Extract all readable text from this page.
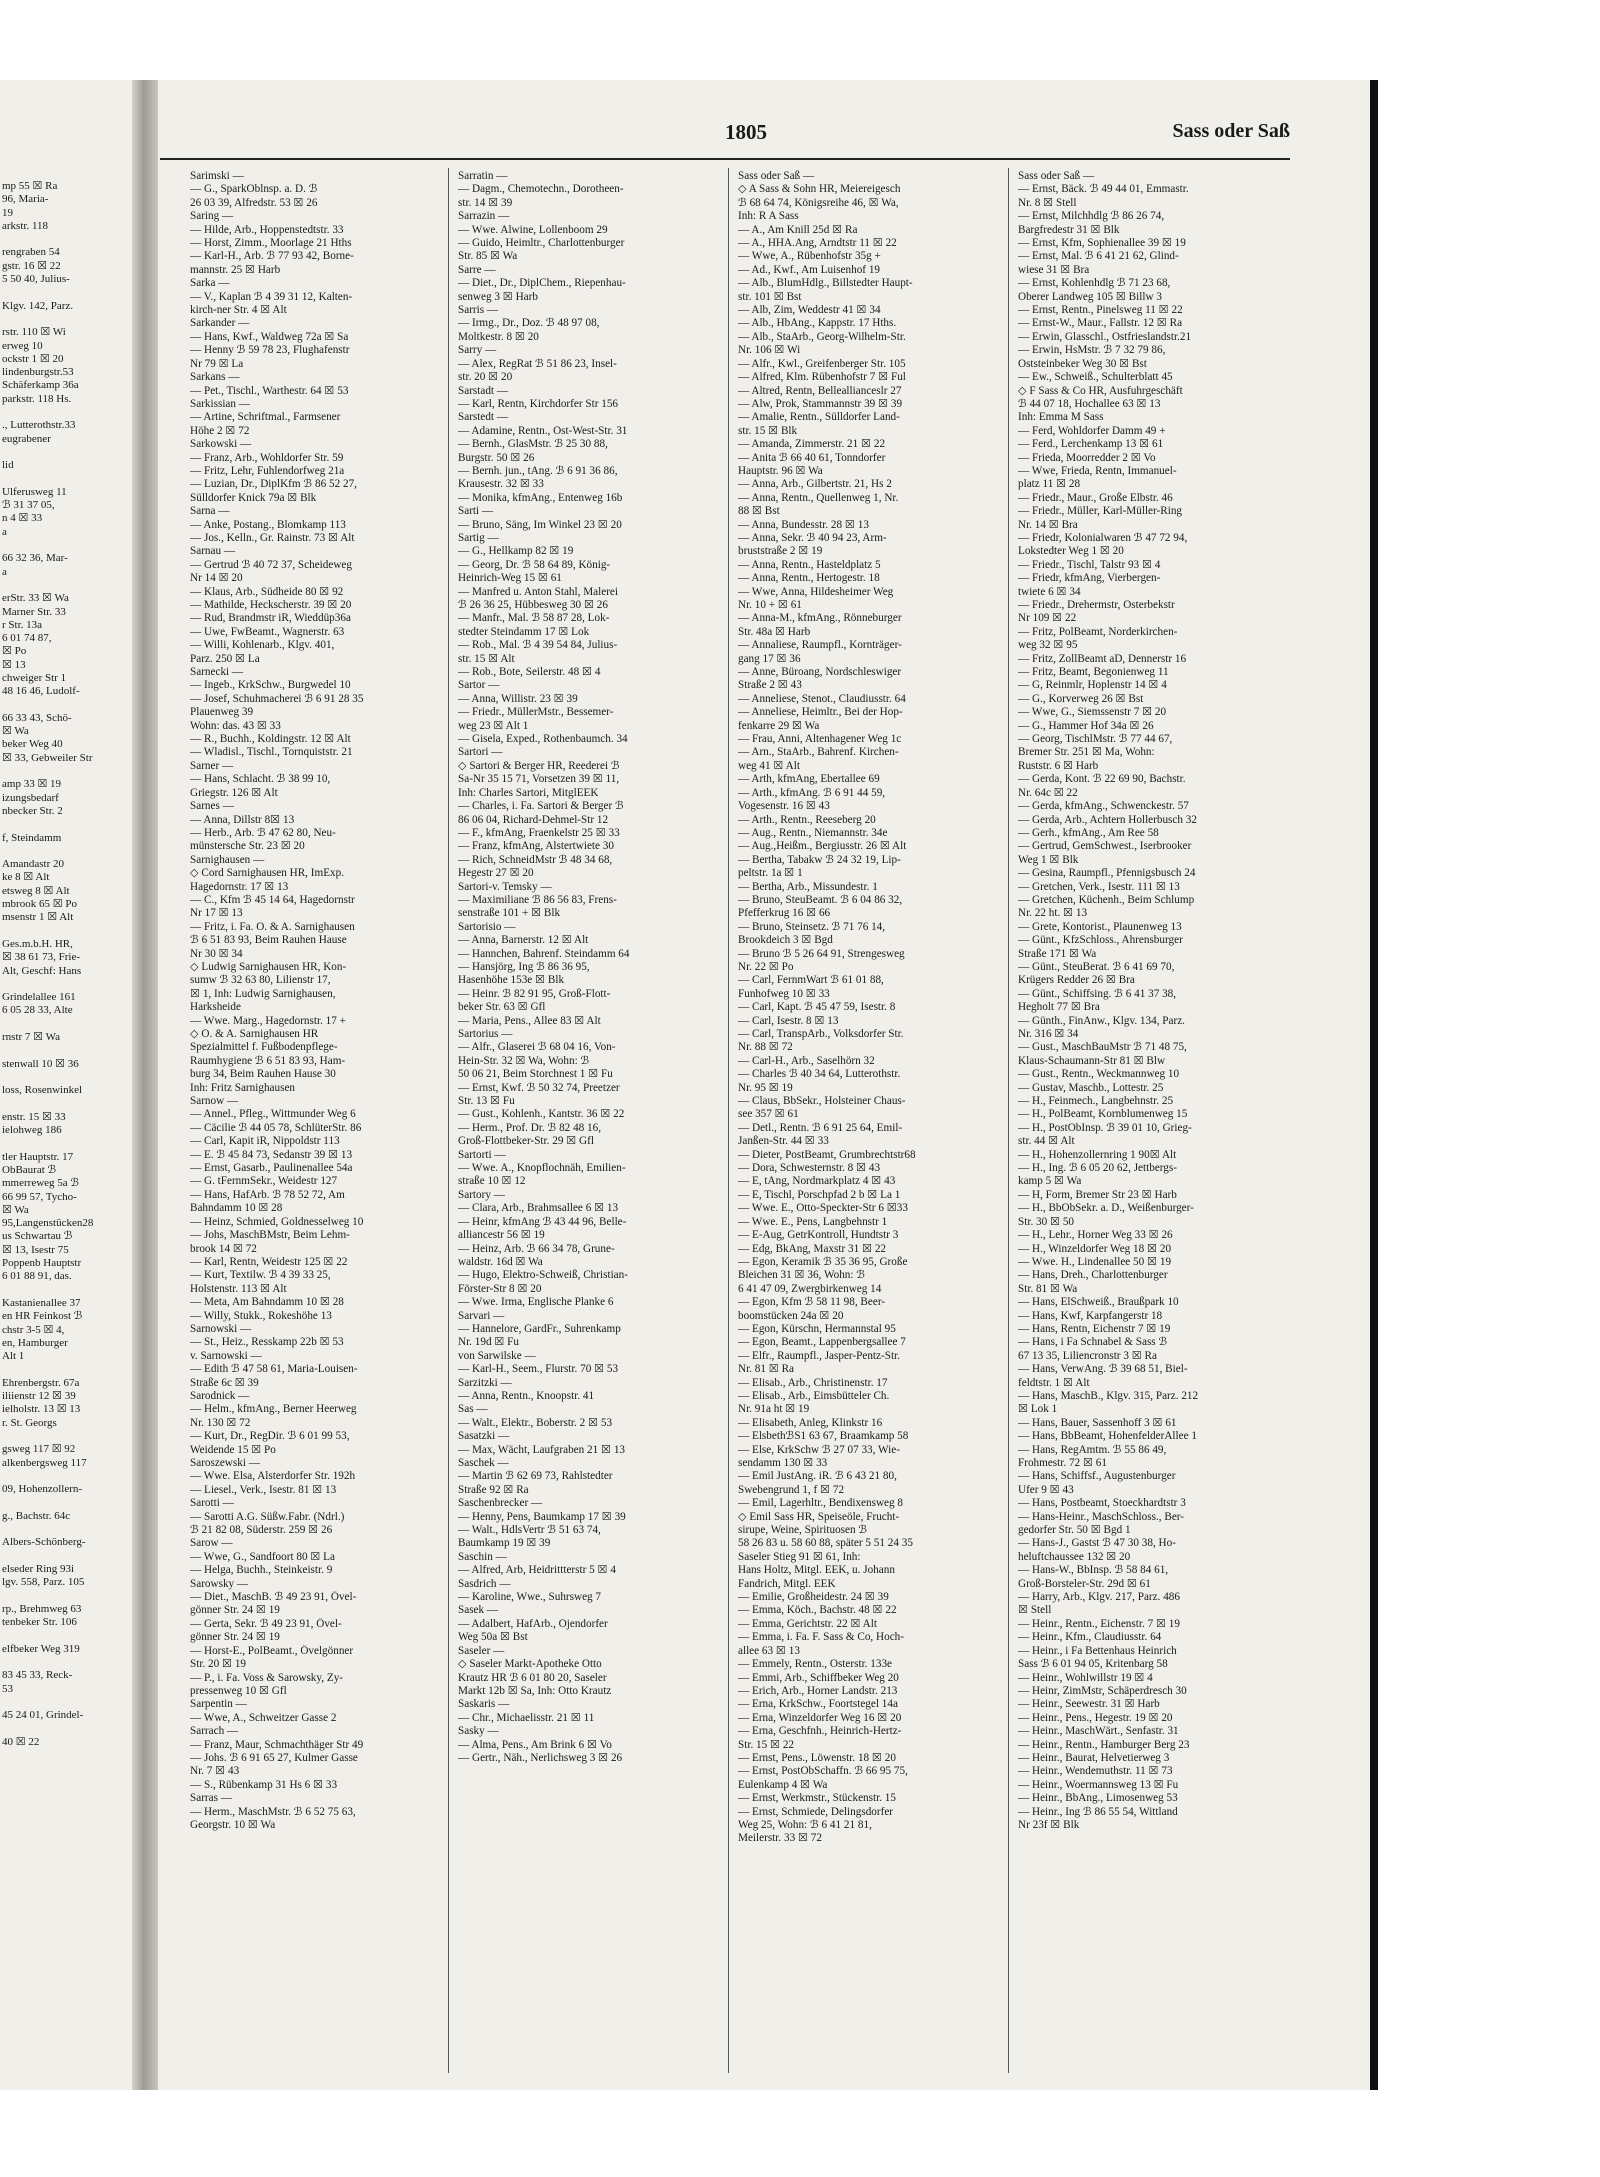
mp 55 ☒ Ra
96, Maria-
19
arkstr. 118

rengraben 54
gstr. 16 ☒ 22
5 50 40, Julius-

Klgv. 142, Parz.

rstr. 110 ☒ Wi
erweg 10
ockstr 1 ☒ 20
lindenburgstr.53
Schäferkamp 36a
parkstr. 118 Hs.

., Lutterothstr.33
eugrabener

lid

Ulferusweg 11
ℬ 31 37 05,
n 4 ☒ 33
a

66 32 36, Mar-
a

erStr. 33 ☒ Wa
Marner Str. 33
r Str. 13a
6 01 74 87,
☒ Po
☒ 13
chweiger Str 1
48 16 46, Ludolf-

66 33 43, Schö-
☒ Wa
beker Weg 40
☒ 33, Gebweiler Str

amp 33 ☒ 19
izungsbedarf
nbecker Str. 2

f, Steindamm

Amandastr 20
ke 8 ☒ Alt
etsweg 8 ☒ Alt
mbrook 65 ☒ Po
msenstr 1 ☒ Alt

Ges.m.b.H. HR,
☒ 38 61 73, Frie-
Alt, Geschf: Hans

Grindelallee 161
6 05 28 33, Alte

rnstr 7 ☒ Wa

stenwall 10 ☒ 36

loss, Rosenwinkel

enstr. 15 ☒ 33
ielohweg 186

tler Hauptstr. 17
ObBaurat ℬ
mmerreweg 5a ℬ
66 99 57, Tycho-
☒ Wa
95,Langenstücken28
us Schwartau ℬ
☒ 13, Isestr 75
Poppenb Hauptstr
6 01 88 91, das.

Kastanienallee 37
en HR Feinkost ℬ
chstr 3-5 ☒ 4,
en, Hamburger
Alt 1

Ehrenbergstr. 67a
iliienstr 12 ☒ 39
ielholstr. 13 ☒ 13
r. St. Georgs

gsweg 117 ☒ 92
alkenbergsweg 117

09, Hohenzollern-

g., Bachstr. 64c

Albers-Schönberg-

elseder Ring 93i
lgv. 558, Parz. 105

rp., Brehmweg 63
tenbeker Str. 106

elfbeker Weg 319

83 45 33, Reck-
53

45 24 01, Grindel-

40 ☒ 22
1805	Sass oder Saß
Sarimski —
— G., SparkOblnsp. a. D. ℬ
26 03 39, Alfredstr. 53 ☒ 26
Saring —
— Hilde, Arb., Hoppenstedtstr. 33
— Horst, Zimm., Moorlage 21 Hths
— Karl-H., Arb. ℬ 77 93 42, Borne-
mannstr. 25 ☒ Harb
Sarka —
— V., Kaplan ℬ 4 39 31 12, Kalten-
kirch-ner Str. 4 ☒ Alt
Sarkander —
— Hans, Kwf., Waldweg 72a ☒ Sa
— Henny ℬ 59 78 23, Flughafenstr
Nr 79 ☒ La
Sarkans —
— Pet., Tischl., Warthestr. 64 ☒ 53
Sarkissian —
— Artine, Schriftmal., Farmsener
Höhe 2 ☒ 72
Sarkowski —
— Franz, Arb., Wohldorfer Str. 59
— Fritz, Lehr, Fuhlendorfweg 21a
— Luzian, Dr., DiplKfm ℬ 86 52 27,
Sülldorfer Knick 79a ☒ Blk
Sarna —
— Anke, Postang., Blomkamp 113
— Jos., Kelln., Gr. Rainstr. 73 ☒ Alt
Sarnau —
— Gertrud ℬ 40 72 37, Scheideweg
Nr 14 ☒ 20
— Klaus, Arb., Südheide 80 ☒ 92
— Mathilde, Heckscherstr. 39 ☒ 20
— Rud, Brandmstr iR, Wieddüp36a
— Uwe, FwBeamt., Wagnerstr. 63
— Willi, Kohlenarb., Klgv. 401,
Parz. 250 ☒ La
Sarnecki —
— Ingeb., KrkSchw., Burgwedel 10
— Josef, Schuhmacherei ℬ 6 91 28 35
Plauenweg 39
Wohn: das. 43 ☒ 33
— R., Buchh., Koldingstr. 12 ☒ Alt
— Wladisl., Tischl., Tornquiststr. 21
Sarner —
— Hans, Schlacht. ℬ 38 99 10,
Griegstr. 126 ☒ Alt
Sarnes —
— Anna, Dillstr 8☒ 13
— Herb., Arb. ℬ 47 62 80, Neu-
münstersche Str. 23 ☒ 20
Sarnighausen —
◇ Cord Sarnighausen HR, ImExp.
Hagedornstr. 17 ☒ 13
— C., Kfm ℬ 45 14 64, Hagedornstr
Nr 17 ☒ 13
— Fritz, i. Fa. O. & A. Sarnighausen
ℬ 6 51 83 93, Beim Rauhen Hause
Nr 30 ☒ 34
◇ Ludwig Sarnighausen HR, Kon-
sumw ℬ 32 63 80, Lilienstr 17,
☒ 1, Inh: Ludwig Sarnighausen,
Harksheide
— Wwe. Marg., Hagedornstr. 17 +
◇ O. & A. Sarnighausen HR
Spezialmittel f. Fußbodenpflege-
Raumhygiene ℬ 6 51 83 93, Ham-
burg 34, Beim Rauhen Hause 30
Inh: Fritz Sarnighausen
Sarnow —
— Annel., Pfleg., Wittmunder Weg 6
— Cäcilie ℬ 44 05 78, SchlüterStr. 86
— Carl, Kapit iR, Nippoldstr 113
— E. ℬ 45 84 73, Sedanstr 39 ☒ 13
— Ernst, Gasarb., Paulinenallee 54a
— G. tFernmSekr., Weidestr 127
— Hans, HafArb. ℬ 78 52 72, Am
Bahndamm 10 ☒ 28
— Heinz, Schmied, Goldnesselweg 10
— Johs, MaschBMstr, Beim Lehm-
brook 14 ☒ 72
— Karl, Rentn, Weidestr 125 ☒ 22
— Kurt, Textilw. ℬ 4 39 33 25,
Holstenstr. 113 ☒ Alt
— Meta, Am Bahndamm 10 ☒ 28
— Willy, Stukk., Rokeshöhe 13
Sarnowski —
— St., Heiz., Resskamp 22b ☒ 53
v. Sarnowski —
— Edith ℬ 47 58 61, Maria-Louisen-
Straße 6c ☒ 39
Sarodnick —
— Helm., kfmAng., Berner Heerweg
Nr. 130 ☒ 72
— Kurt, Dr., RegDir. ℬ 6 01 99 53,
Weidende 15 ☒ Po
Saroszewski —
— Wwe. Elsa, Alsterdorfer Str. 192h
— Liesel., Verk., Isestr. 81 ☒ 13
Sarotti —
— Sarotti A.G. Süßw.Fabr. (Ndrl.)
ℬ 21 82 08, Süderstr. 259 ☒ 26
Sarow —
— Wwe, G., Sandfoort 80 ☒ La
— Helga, Buchh., Steinkeistr. 9
Sarowsky —
— Diet., MaschB. ℬ 49 23 91, Övel-
gönner Str. 24 ☒ 19
— Gerta, Sekr. ℬ 49 23 91, Övel-
gönner Str. 24 ☒ 19
— Horst-E., PolBeamt., Övelgönner
Str. 20 ☒ 19
— P., i. Fa. Voss & Sarowsky, Zy-
pressenweg 10 ☒ Gfl
Sarpentin —
— Wwe, A., Schweitzer Gasse 2
Sarrach —
— Franz, Maur, Schmachthäger Str 49
— Johs. ℬ 6 91 65 27, Kulmer Gasse
Nr. 7 ☒ 43
— S., Rübenkamp 31 Hs 6 ☒ 33
Sarras —
— Herm., MaschMstr. ℬ 6 52 75 63,
Georgstr. 10 ☒ Wa
Sarratin —
— Dagm., Chemotechn., Dorotheen-
str. 14 ☒ 39
Sarrazin —
— Wwe. Alwine, Lollenboom 29
— Guido, Heimltr., Charlottenburger
Str. 85 ☒ Wa
Sarre —
— Diet., Dr., DiplChem., Riepenhau-
senweg 3 ☒ Harb
Sarris —
— Irmg., Dr., Doz. ℬ 48 97 08,
Moltkestr. 8 ☒ 20
Sarry —
— Alex, RegRat ℬ 51 86 23, Insel-
str. 20 ☒ 20
Sarstadt —
— Karl, Rentn, Kirchdorfer Str 156
Sarstedt —
— Adamine, Rentn., Ost-West-Str. 31
— Bernh., GlasMstr. ℬ 25 30 88,
Burgstr. 50 ☒ 26
— Bernh. jun., tAng. ℬ 6 91 36 86,
Krausestr. 32 ☒ 33
— Monika, kfmAng., Entenweg 16b
Sarti —
— Bruno, Säng, Im Winkel 23 ☒ 20
Sartig —
— G., Hellkamp 82 ☒ 19
— Georg, Dr. ℬ 58 64 89, König-
Heinrich-Weg 15 ☒ 61
— Manfred u. Anton Stahl, Malerei
ℬ 26 36 25, Hübbesweg 30 ☒ 26
— Manfr., Mal. ℬ 58 87 28, Lok-
stedter Steindamm 17 ☒ Lok
— Rob., Mal. ℬ 4 39 54 84, Julius-
str. 15 ☒ Alt
— Rob., Bote, Seilerstr. 48 ☒ 4
Sartor —
— Anna, Willistr. 23 ☒ 39
— Friedr., MüllerMstr., Bessemer-
weg 23 ☒ Alt 1
— Gisela, Exped., Rothenbaumch. 34
Sartori —
◇ Sartori & Berger HR, Reederei ℬ
Sa-Nr 35 15 71, Vorsetzen 39 ☒ 11,
Inh: Charles Sartori, MitglEEK
— Charles, i. Fa. Sartori & Berger ℬ
86 06 04, Richard-Dehmel-Str 12
— F., kfmAng, Fraenkelstr 25 ☒ 33
— Franz, kfmAng, Alstertwiete 30
— Rich, SchneidMstr ℬ 48 34 68,
Hegestr 27 ☒ 20
Sartori-v. Temsky —
— Maximiliane ℬ 86 56 83, Frens-
senstraße 101 + ☒ Blk
Sartorisio —
— Anna, Barnerstr. 12 ☒ Alt
— Hannchen, Bahrenf. Steindamm 64
— Hansjörg, Ing ℬ 86 36 95,
Hasenhöhe 153e ☒ Blk
— Heinr. ℬ 82 91 95, Groß-Flott-
beker Str. 63 ☒ Gfl
— Maria, Pens., Allee 83 ☒ Alt
Sartorius —
— Alfr., Glaserei ℬ 68 04 16, Von-
Hein-Str. 32 ☒ Wa, Wohn: ℬ
50 06 21, Beim Storchnest 1 ☒ Fu
— Ernst, Kwf. ℬ 50 32 74, Preetzer
Str. 13 ☒ Fu
— Gust., Kohlenh., Kantstr. 36 ☒ 22
— Herm., Prof. Dr. ℬ 82 48 16,
Groß-Flottbeker-Str. 29 ☒ Gfl
Sartorti —
— Wwe. A., Knopflochnäh, Emilien-
straße 10 ☒ 12
Sartory —
— Clara, Arb., Brahmsallee 6 ☒ 13
— Heinr, kfmAng ℬ 43 44 96, Belle-
alliancestr 56 ☒ 19
— Heinz, Arb. ℬ 66 34 78, Grune-
waldstr. 16d ☒ Wa
— Hugo, Elektro-Schweiß, Christian-
Förster-Str 8 ☒ 20
— Wwe. Irma, Englische Planke 6
Sarvari —
— Hannelore, GardFr., Suhrenkamp
Nr. 19d ☒ Fu
von Sarwilske —
— Karl-H., Seem., Flurstr. 70 ☒ 53
Sarzitzki —
— Anna, Rentn., Knoopstr. 41
Sas —
— Walt., Elektr., Boberstr. 2 ☒ 53
Sasatzki —
— Max, Wächt, Laufgraben 21 ☒ 13
Saschek —
— Martin ℬ 62 69 73, Rahlstedter
Straße 92 ☒ Ra
Saschenbrecker —
— Henny, Pens, Baumkamp 17 ☒ 39
— Walt., HdlsVertr ℬ 51 63 74,
Baumkamp 19 ☒ 39
Saschin —
— Alfred, Arb, Heidrittterstr 5 ☒ 4
Sasdrich —
— Karoline, Wwe., Suhrsweg 7
Sasek —
— Adalbert, HafArb., Ojendorfer
Weg 50a ☒ Bst
Saseler —
◇ Saseler Markt-Apotheke Otto
Krautz HR ℬ 6 01 80 20, Saseler
Markt 12b ☒ Sa, Inh: Otto Krautz
Saskaris —
— Chr., Michaelisstr. 21 ☒ 11
Sasky —
— Alma, Pens., Am Brink 6 ☒ Vo
— Gertr., Näh., Nerlichsweg 3 ☒ 26
Sass oder Saß —
◇ A Sass & Sohn HR, Meiereigesch
ℬ 68 64 74, Königsreihe 46, ☒ Wa,
Inh: R A Sass
— A., Am Knill 25d ☒ Ra
— A., HHA.Ang, Arndtstr 11 ☒ 22
— Wwe, A., Rübenhofstr 35g +
— Ad., Kwf., Am Luisenhof 19
— Alb., BlumHdlg., Billstedter Haupt-
str. 101 ☒ Bst
— Alb, Zim, Weddestr 41 ☒ 34
— Alb., HbAng., Kappstr. 17 Hths.
— Alb., StaArb., Georg-Wilhelm-Str.
Nr. 106 ☒ Wi
— Alfr., Kwl., Greifenberger Str. 105
— Alfred, Klm. Rübenhofstr 7 ☒ Ful
— Altred, Rentn, Belleallianceslr 27
— Alw, Prok, Stammannstr 39 ☒ 39
— Amalie, Rentn., Sülldorfer Land-
str. 15 ☒ Blk
— Amanda, Zimmerstr. 21 ☒ 22
— Anita ℬ 66 40 61, Tonndorfer
Hauptstr. 96 ☒ Wa
— Anna, Arb., Gilbertstr. 21, Hs 2
— Anna, Rentn., Quellenweg 1, Nr.
88 ☒ Bst
— Anna, Bundesstr. 28 ☒ 13
— Anna, Sekr. ℬ 40 94 23, Arm-
bruststraße 2 ☒ 19
— Anna, Rentn., Hasteldplatz 5
— Anna, Rentn., Hertogestr. 18
— Wwe, Anna, Hildesheimer Weg
Nr. 10 + ☒ 61
— Anna-M., kfmAng., Rönneburger
Str. 48a ☒ Harb
— Annaliese, Raumpfl., Kornträger-
gang 17 ☒ 36
— Anne, Büroang, Nordschleswiger
Straße 2 ☒ 43
— Anneliese, Stenot., Claudiusstr. 64
— Anneliese, Heimltr., Bei der Hop-
fenkarre 29 ☒ Wa
— Frau, Anni, Altenhagener Weg 1c
— Arn., StaArb., Bahrenf. Kirchen-
weg 41 ☒ Alt
— Arth, kfmAng, Ebertallee 69
— Arth., kfmAng. ℬ 6 91 44 59,
Vogesenstr. 16 ☒ 43
— Arth., Rentn., Reeseberg 20
— Aug., Rentn., Niemannstr. 34e
— Aug.,Heißm., Bergiusstr. 26 ☒ Alt
— Bertha, Tabakw ℬ 24 32 19, Lip-
peltstr. 1a ☒ 1
— Bertha, Arb., Missundestr. 1
— Bruno, SteuBeamt. ℬ 6 04 86 32,
Pfefferkrug 16 ☒ 66
— Bruno, Steinsetz. ℬ 71 76 14,
Brookdeich 3 ☒ Bgd
— Bruno ℬ 5 26 64 91, Strengesweg
Nr. 22 ☒ Po
— Carl, FernmWart ℬ 61 01 88,
Funhofweg 10 ☒ 33
— Carl, Kapt. ℬ 45 47 59, Isestr. 8
— Carl, Isestr. 8 ☒ 13
— Carl, TranspArb., Volksdorfer Str.
Nr. 88 ☒ 72
— Carl-H., Arb., Saselhörn 32
— Charles ℬ 40 34 64, Lutterothstr.
Nr. 95 ☒ 19
— Claus, BbSekr., Holsteiner Chaus-
see 357 ☒ 61
— Detl., Rentn. ℬ 6 91 25 64, Emil-
Janßen-Str. 44 ☒ 33
— Dieter, PostBeamt, Grumbrechtstr68
— Dora, Schwesternstr. 8 ☒ 43
— E, tAng, Nordmarkplatz 4 ☒ 43
— E, Tischl, Porschpfad 2 b ☒ La 1
— Wwe. E., Otto-Speckter-Str 6 ☒33
— Wwe. E., Pens, Langbehnstr 1
— E-Aug, GetrKontroll, Hundtstr 3
— Edg, BkAng, Maxstr 31 ☒ 22
— Egon, Keramik ℬ 35 36 95, Große
Bleichen 31 ☒ 36, Wohn: ℬ
6 41 47 09, Zwergbirkenweg 14
— Egon, Kfm ℬ 58 11 98, Beer-
boomstücken 24a ☒ 20
— Egon, Kürschn, Hermannstal 95
— Egon, Beamt., Lappenbergsallee 7
— Elfr., Raumpfl., Jasper-Pentz-Str.
Nr. 81 ☒ Ra
— Elisab., Arb., Christinenstr. 17
— Elisab., Arb., Eimsbütteler Ch.
Nr. 91a ht ☒ 19
— Elisabeth, Anleg, Klinkstr 16
— ElsbethℬS1 63 67, Braamkamp 58
— Else, KrkSchw ℬ 27 07 33, Wie-
sendamm 130 ☒ 33
— Emil JustAng. iR. ℬ 6 43 21 80,
Swebengrund 1, f ☒ 72
— Emil, Lagerhltr., Bendixensweg 8
◇ Emil Sass HR, Speiseöle, Frucht-
sirupe, Weine, Spirituosen ℬ
58 26 83 u. 58 60 88, später 5 51 24 35
Saseler Stieg 91 ☒ 61, Inh:
Hans Holtz, Mitgl. EEK, u. Johann
Fandrich, Mitgl. EEK
— Emilie, Großheidestr. 24 ☒ 39
— Emma, Köch., Bachstr. 48 ☒ 22
— Emma, Gerichtstr. 22 ☒ Alt
— Emma, i. Fa. F. Sass & Co, Hoch-
allee 63 ☒ 13
— Emmely, Rentn., Osterstr. 133e
— Emmi, Arb., Schiffbeker Weg 20
— Erich, Arb., Horner Landstr. 213
— Erna, KrkSchw., Foortstegel 14a
— Erna, Winzeldorfer Weg 16 ☒ 20
— Erna, Geschfnh., Heinrich-Hertz-
Str. 15 ☒ 22
— Ernst, Pens., Löwenstr. 18 ☒ 20
— Ernst, PostObSchaffn. ℬ 66 95 75,
Eulenkamp 4 ☒ Wa
— Ernst, Werkmstr., Stückenstr. 15
— Ernst, Schmiede, Delingsdorfer
Weg 25, Wohn: ℬ 6 41 21 81,
Meilerstr. 33 ☒ 72
Sass oder Saß —
— Ernst, Bäck. ℬ 49 44 01, Emmastr.
Nr. 8 ☒ Stell
— Ernst, Milchhdlg ℬ 86 26 74,
Bargfredestr 31 ☒ Blk
— Ernst, Kfm, Sophienallee 39 ☒ 19
— Ernst, Mal. ℬ 6 41 21 62, Glind-
wiese 31 ☒ Bra
— Ernst, Kohlenhdlg ℬ 71 23 68,
Oberer Landweg 105 ☒ Billw 3
— Ernst, Rentn., Pinelsweg 11 ☒ 22
— Ernst-W., Maur., Fallstr. 12 ☒ Ra
— Erwin, Glasschl., Ostfrieslandstr.21
— Erwin, HsMstr. ℬ 7 32 79 86,
Oststeinbeker Weg 30 ☒ Bst
— Ew., Schweiß., Schulterblatt 45
◇ F Sass & Co HR, Ausfuhrgeschäft
ℬ 44 07 18, Hochallee 63 ☒ 13
Inh: Emma M Sass
— Ferd, Wohldorfer Damm 49 +
— Ferd., Lerchenkamp 13 ☒ 61
— Frieda, Moorredder 2 ☒ Vo
— Wwe, Frieda, Rentn, Immanuel-
platz 11 ☒ 28
— Friedr., Maur., Große Elbstr. 46
— Friedr., Müller, Karl-Müller-Ring
Nr. 14 ☒ Bra
— Friedr, Kolonialwaren ℬ 47 72 94,
Lokstedter Weg 1 ☒ 20
— Friedr., Tischl, Talstr 93 ☒ 4
— Friedr, kfmAng, Vierbergen-
twiete 6 ☒ 34
— Friedr., Drehermstr, Osterbekstr
Nr 109 ☒ 22
— Fritz, PolBeamt, Norderkirchen-
weg 32 ☒ 95
— Fritz, ZollBeamt aD, Dennerstr 16
— Fritz, Beamt, Begonienweg 11
— G, Reinmlr, Hoplenstr 14 ☒ 4
— G., Korverweg 26 ☒ Bst
— Wwe, G., Siemssenstr 7 ☒ 20
— G., Hammer Hof 34a ☒ 26
— Georg, TischlMstr. ℬ 77 44 67,
Bremer Str. 251 ☒ Ma, Wohn:
Ruststr. 6 ☒ Harb
— Gerda, Kont. ℬ 22 69 90, Bachstr.
Nr. 64c ☒ 22
— Gerda, kfmAng., Schwenckestr. 57
— Gerda, Arb., Achtern Hollerbusch 32
— Gerh., kfmAng., Am Ree 58
— Gertrud, GemSchwest., Iserbrooker
Weg 1 ☒ Blk
— Gesina, Raumpfl., Pfennigsbusch 24
— Gretchen, Verk., Isestr. 111 ☒ 13
— Gretchen, Küchenh., Beim Schlump
Nr. 22 ht. ☒ 13
— Grete, Kontorist., Plaunenweg 13
— Günt., KfzSchloss., Ahrensburger
Straße 171 ☒ Wa
— Günt., SteuBerat. ℬ 6 41 69 70,
Krügers Redder 26 ☒ Bra
— Günt., Schiffsing. ℬ 6 41 37 38,
Hegholt 77 ☒ Bra
— Günth., FinAnw., Klgv. 134, Parz.
Nr. 316 ☒ 34
— Gust., MaschBauMstr ℬ 71 48 75,
Klaus-Schaumann-Str 81 ☒ Blw
— Gust., Rentn., Weckmannweg 10
— Gustav, Maschb., Lottestr. 25
— H., Feinmech., Langbehnstr. 25
— H., PolBeamt, Kornblumenweg 15
— H., PostObInsp. ℬ 39 01 10, Grieg-
str. 44 ☒ Alt
— H., Hohenzollernring 1 90☒ Alt
— H., Ing. ℬ 6 05 20 62, Jettbergs-
kamp 5 ☒ Wa
— H, Form, Bremer Str 23 ☒ Harb
— H., BbObSekr. a. D., Weißenburger-
Str. 30 ☒ 50
— H., Lehr., Horner Weg 33 ☒ 26
— H., Winzeldorfer Weg 18 ☒ 20
— Wwe. H., Lindenallee 50 ☒ 19
— Hans, Dreh., Charlottenburger
Str. 81 ☒ Wa
— Hans, ElSchweiß., Braußpark 10
— Hans, Kwf, Karpfangerstr 18
— Hans, Rentn, Eichenstr 7 ☒ 19
— Hans, i Fa Schnabel & Sass ℬ
67 13 35, Liliencronstr 3 ☒ Ra
— Hans, VerwAng. ℬ 39 68 51, Biel-
feldtstr. 1 ☒ Alt
— Hans, MaschB., Klgv. 315, Parz. 212
☒ Lok 1
— Hans, Bauer, Sassenhoff 3 ☒ 61
— Hans, BbBeamt, HohenfelderAllee 1
— Hans, RegAmtm. ℬ 55 86 49,
Frohmestr. 72 ☒ 61
— Hans, Schiffsf., Augustenburger
Ufer 9 ☒ 43
— Hans, Postbeamt, Stoeckhardtstr 3
— Hans-Heinr., MaschSchloss., Ber-
gedorfer Str. 50 ☒ Bgd 1
— Hans-J., Gastst ℬ 47 30 38, Ho-
heluftchaussee 132 ☒ 20
— Hans-W., BbInsp. ℬ 58 84 61,
Groß-Borsteler-Str. 29d ☒ 61
— Harry, Arb., Klgv. 217, Parz. 486
☒ Stell
— Heinr., Rentn., Eichenstr. 7 ☒ 19
— Heinr., Kfm., Claudiusstr. 64
— Heinr., i Fa Bettenhaus Heinrich
Sass ℬ 6 01 94 05, Kritenbarg 58
— Heinr., Wohlwillstr 19 ☒ 4
— Heinr, ZimMstr, Schäperdresch 30
— Heinr., Seewestr. 31 ☒ Harb
— Heinr., Pens., Hegestr. 19 ☒ 20
— Heinr., MaschWärt., Senfastr. 31
— Heinr., Rentn., Hamburger Berg 23
— Heinr., Baurat, Helvetierweg 3
— Heinr., Wendemuthstr. 11 ☒ 73
— Heinr., Woermannsweg 13 ☒ Fu
— Heinr., BbAng., Limosenweg 53
— Heinr., Ing ℬ 86 55 54, Wittland
Nr 23f ☒ Blk
